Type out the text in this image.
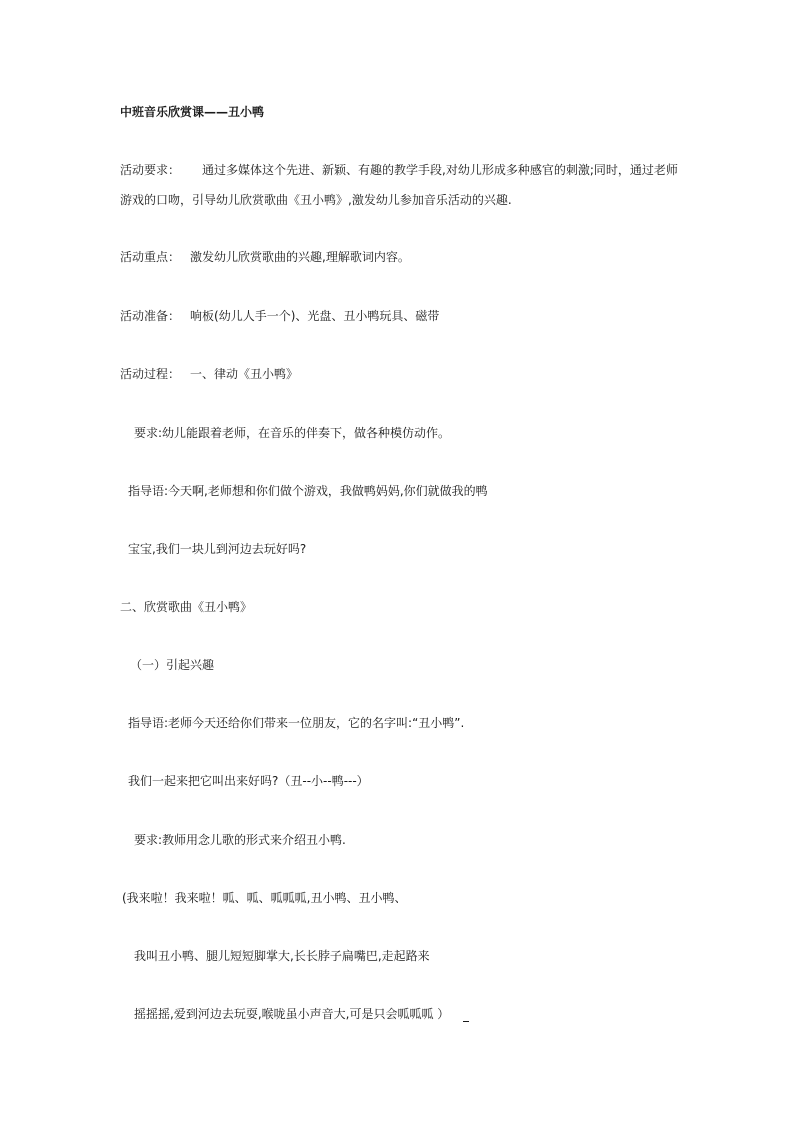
中班音乐欣赏课——丑小鸭

活动要求： 通过多媒体这个先进、新颖、有趣的教学手段,对幼儿形成多种感官的刺激;同时，通过老师

游戏的口吻，引导幼儿欣赏歌曲《丑小鸭》,激发幼儿参加音乐活动的兴趣.

活动重点： 激发幼儿欣赏歌曲的兴趣,理解歌词内容。

活动准备： 响板(幼儿人手一个)、光盘、丑小鸭玩具、磁带

活动过程： 一、律动《丑小鸭》

要求:幼儿能跟着老师，在音乐的伴奏下，做各种模仿动作。

指导语:今天啊,老师想和你们做个游戏，我做鸭妈妈,你们就做我的鸭

宝宝,我们一块儿到河边去玩好吗?

二、欣赏歌曲《丑小鸭》

（一）引起兴趣

指导语:老师今天还给你们带来一位朋友，它的名字叫:“丑小鸭”.

我们一起来把它叫出来好吗?（丑--小--鸭---）

要求:教师用念儿歌的形式来介绍丑小鸭.

(我来啦！我来啦！呱、呱、呱呱呱,丑小鸭、丑小鸭、

我叫丑小鸭、腿儿短短脚掌大,长长脖子扁嘴巴,走起路来

摇摇摇,爱到河边去玩耍,喉咙虽小声音大,可是只会呱呱呱 ）
